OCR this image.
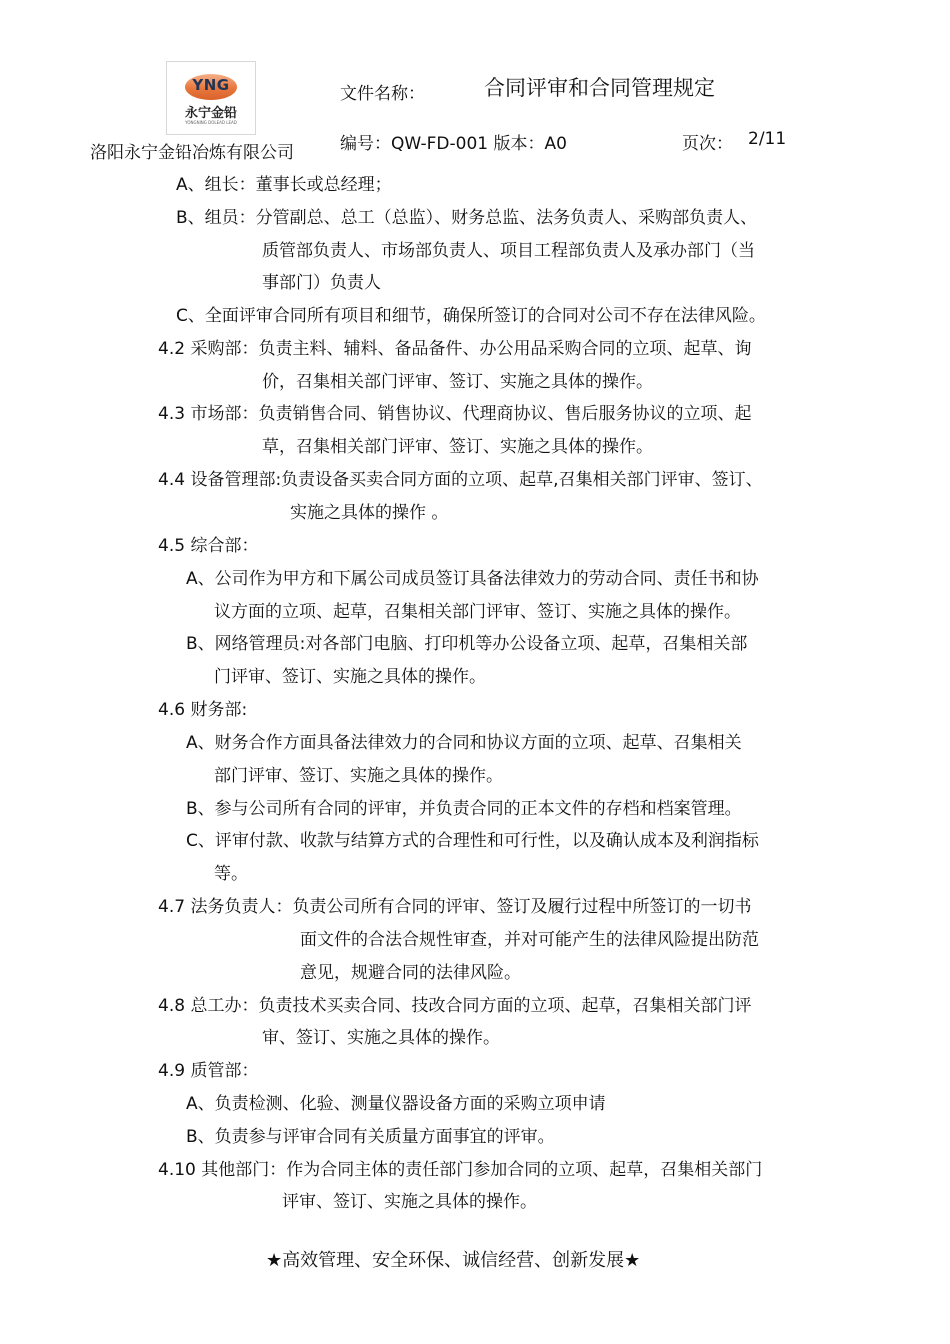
YNG
永宁金铅
YONGNING DOLEAD LEAD
文件名称：	合同评审和合同管理规定
洛阳永宁金铅冶炼有限公司	编号：QW-FD-001 版本：A0	页次： 2/11
A、组长：董事长或总经理；
B、组员：分管副总、总工（总监）、财务总监、法务负责人、采购部负责人、
质管部负责人、市场部负责人、项目工程部负责人及承办部门（当
事部门）负责人
C、全面评审合同所有项目和细节，确保所签订的合同对公司不存在法律风险。
4.2 采购部：负责主料、辅料、备品备件、办公用品采购合同的立项、起草、询
价，召集相关部门评审、签订、实施之具体的操作。
4.3 市场部：负责销售合同、销售协议、代理商协议、售后服务协议的立项、起
草，召集相关部门评审、签订、实施之具体的操作。
4.4 设备管理部:负责设备买卖合同方面的立项、起草,召集相关部门评审、签订、
实施之具体的操作 。
4.5 综合部：
A、公司作为甲方和下属公司成员签订具备法律效力的劳动合同、责任书和协
议方面的立项、起草，召集相关部门评审、签订、实施之具体的操作。
B、网络管理员:对各部门电脑、打印机等办公设备立项、起草，召集相关部
门评审、签订、实施之具体的操作。
4.6 财务部:
A、财务合作方面具备法律效力的合同和协议方面的立项、起草、召集相关
部门评审、签订、实施之具体的操作。
B、参与公司所有合同的评审，并负责合同的正本文件的存档和档案管理。
C、评审付款、收款与结算方式的合理性和可行性，以及确认成本及利润指标
等。
4.7 法务负责人：负责公司所有合同的评审、签订及履行过程中所签订的一切书
面文件的合法合规性审查，并对可能产生的法律风险提出防范
意见，规避合同的法律风险。
4.8 总工办：负责技术买卖合同、技改合同方面的立项、起草，召集相关部门评
审、签订、实施之具体的操作。
4.9 质管部：
A、负责检测、化验、测量仪器设备方面的采购立项申请
B、负责参与评审合同有关质量方面事宜的评审。
4.10 其他部门：作为合同主体的责任部门参加合同的立项、起草，召集相关部门
评审、签订、实施之具体的操作。
★高效管理、安全环保、诚信经营、创新发展★
